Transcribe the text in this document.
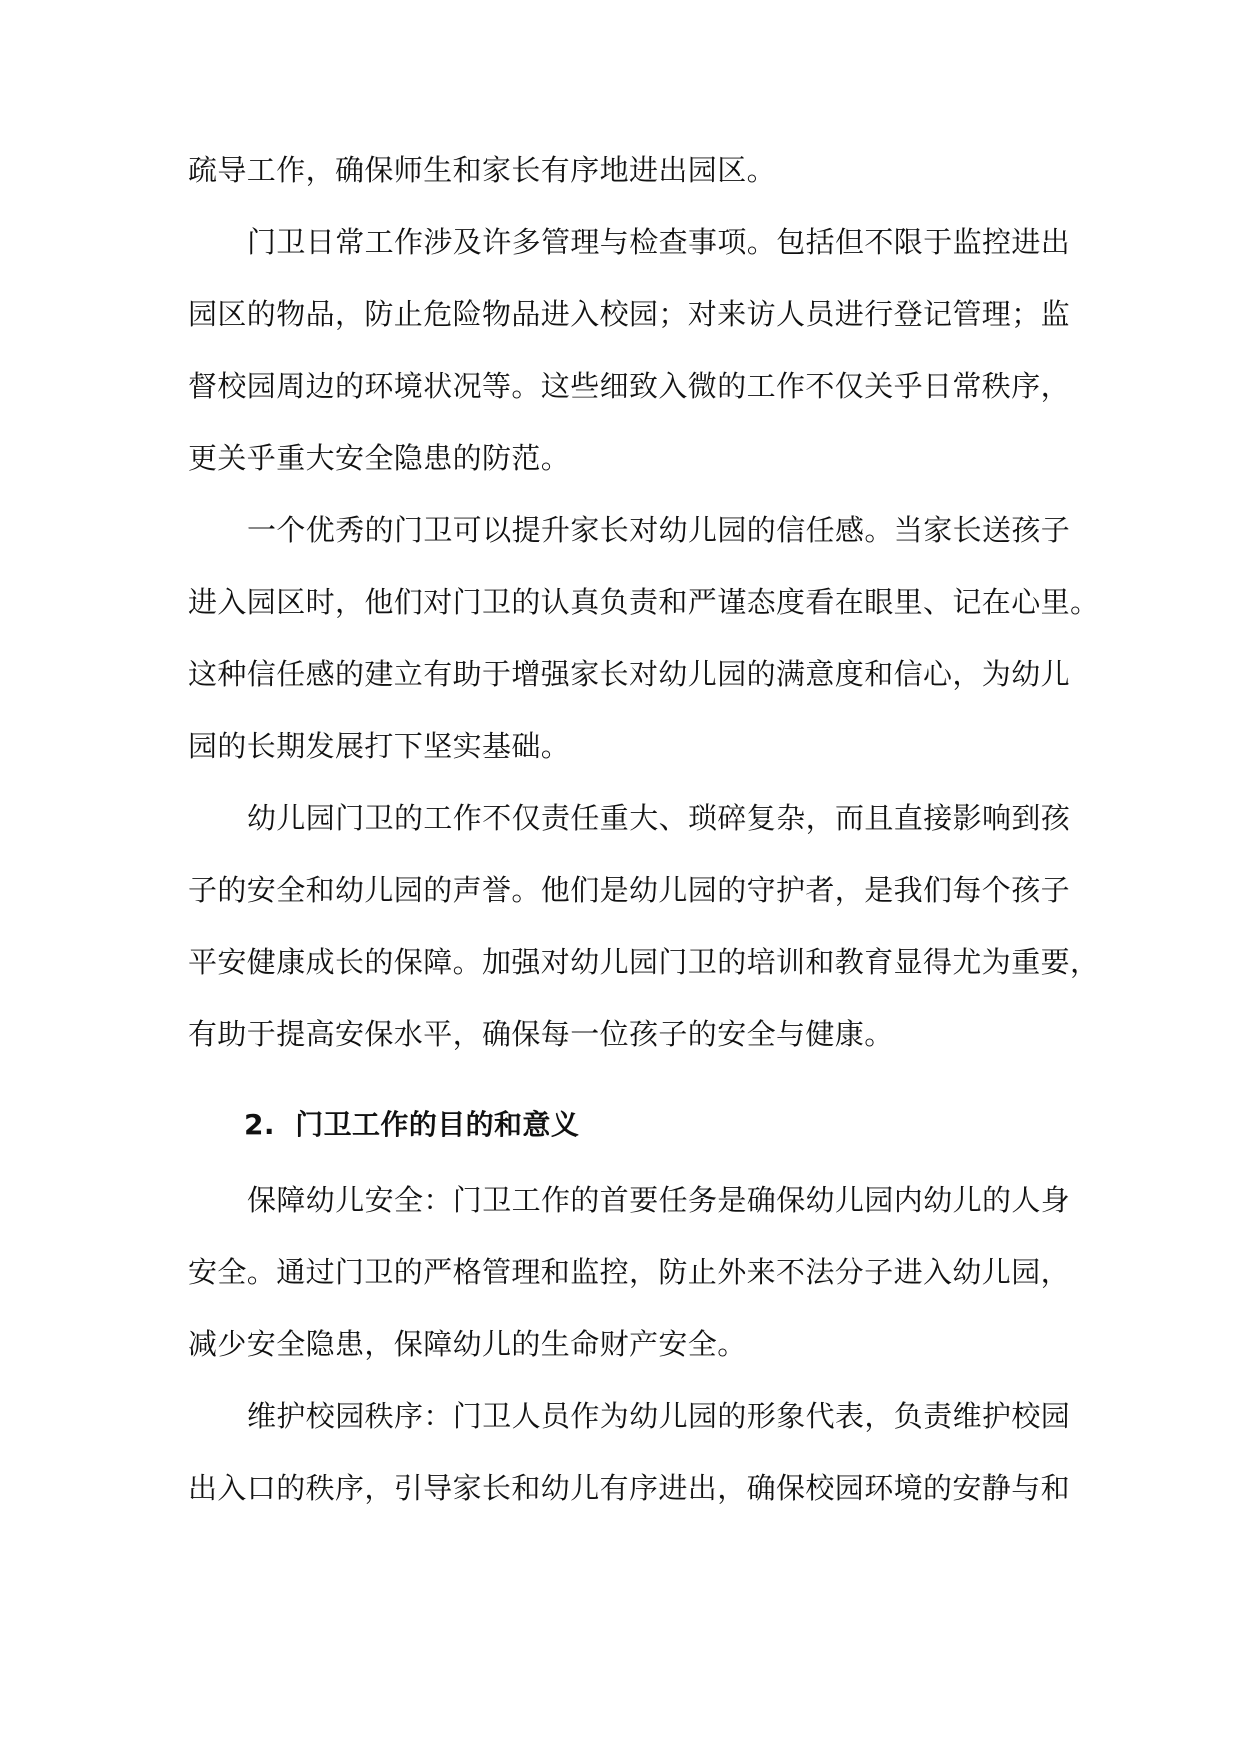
疏导工作，确保师生和家长有序地进出园区。
门卫日常工作涉及许多管理与检查事项。包括但不限于监控进出
园区的物品，防止危险物品进入校园；对来访人员进行登记管理；监
督校园周边的环境状况等。这些细致入微的工作不仅关乎日常秩序，
更关乎重大安全隐患的防范。
一个优秀的门卫可以提升家长对幼儿园的信任感。当家长送孩子
进入园区时，他们对门卫的认真负责和严谨态度看在眼里、记在心里。
这种信任感的建立有助于增强家长对幼儿园的满意度和信心，为幼儿
园的长期发展打下坚实基础。
幼儿园门卫的工作不仅责任重大、琐碎复杂，而且直接影响到孩
子的安全和幼儿园的声誉。他们是幼儿园的守护者，是我们每个孩子
平安健康成长的保障。加强对幼儿园门卫的培训和教育显得尤为重要，
有助于提高安保水平，确保每一位孩子的安全与健康。
2.  门卫工作的目的和意义
保障幼儿安全：门卫工作的首要任务是确保幼儿园内幼儿的人身
安全。通过门卫的严格管理和监控，防止外来不法分子进入幼儿园，
减少安全隐患，保障幼儿的生命财产安全。
维护校园秩序：门卫人员作为幼儿园的形象代表，负责维护校园
出入口的秩序，引导家长和幼儿有序进出，确保校园环境的安静与和
